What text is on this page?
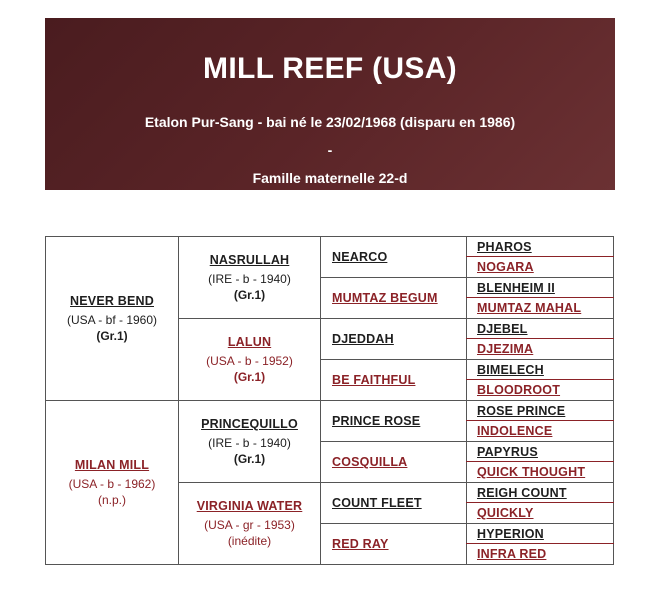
MILL REEF (USA)
Etalon Pur-Sang - bai né le 23/02/1968 (disparu en 1986)
-
Famille maternelle 22-d
NEVER BEND
(USA - bf - 1960)
(Gr.1)
MILAN MILL
(USA - b - 1962)
(n.p.)
NASRULLAH
(IRE - b - 1940)
(Gr.1)
LALUN
(USA - b - 1952)
(Gr.1)
PRINCEQUILLO
(IRE - b - 1940)
(Gr.1)
VIRGINIA WATER
(USA - gr - 1953)
(inédite)
NEARCO
MUMTAZ BEGUM
DJEDDAH
BE FAITHFUL
PRINCE ROSE
COSQUILLA
COUNT FLEET
RED RAY
PHAROS
NOGARA
BLENHEIM II
MUMTAZ MAHAL
DJEBEL
DJEZIMA
BIMELECH
BLOODROOT
ROSE PRINCE
INDOLENCE
PAPYRUS
QUICK THOUGHT
REIGH COUNT
QUICKLY
HYPERION
INFRA RED
